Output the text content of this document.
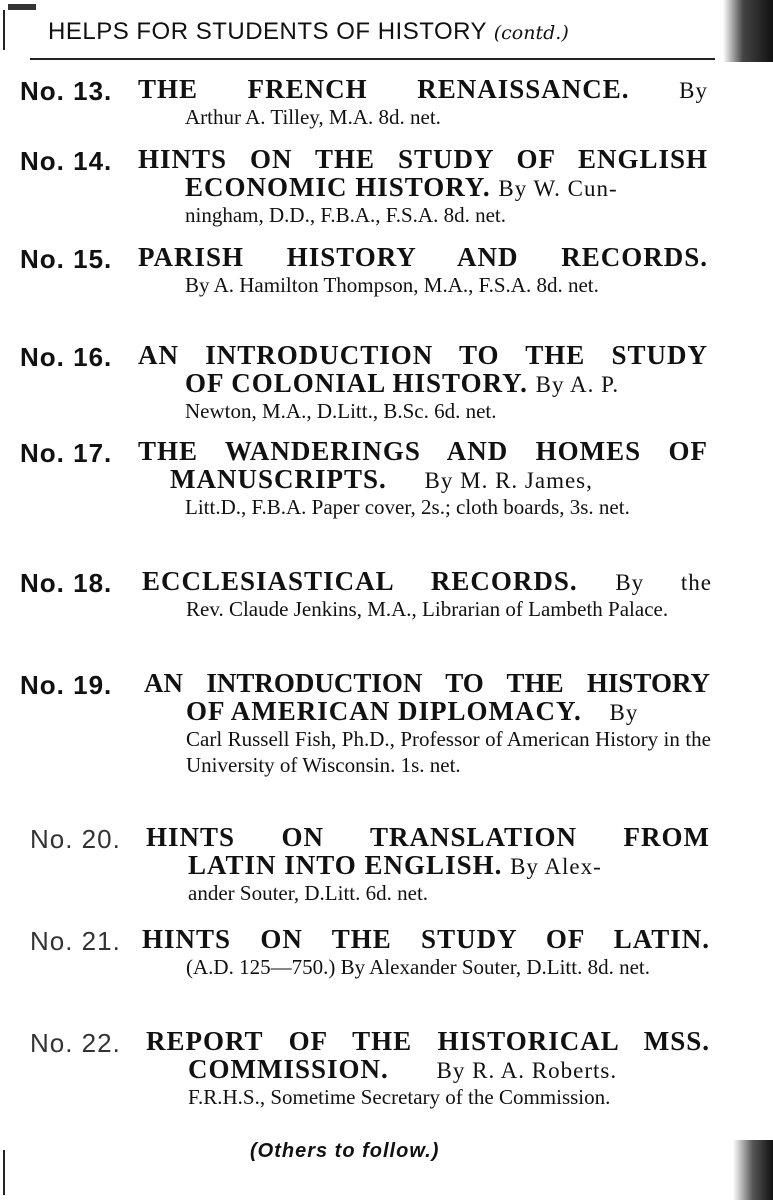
HELPS FOR STUDENTS OF HISTORY (contd.)
No. 13. THE FRENCH RENAISSANCE. By
Arthur A. Tilley, M.A. 8d. net.
No. 14. HINTS ON THE STUDY OF ENGLISH
ECONOMIC HISTORY. By W. Cun-
ningham, D.D., F.B.A., F.S.A. 8d. net.
No. 15. PARISH HISTORY AND RECORDS.
By A. Hamilton Thompson, M.A., F.S.A. 8d. net.
No. 16. AN INTRODUCTION TO THE STUDY
OF COLONIAL HISTORY. By A. P.
Newton, M.A., D.Litt., B.Sc. 6d. net.
No. 17. THE WANDERINGS AND HOMES OF
MANUSCRIPTS. By M. R. James,
Litt.D., F.B.A. Paper cover, 2s.; cloth boards, 3s. net.
No. 18. ECCLESIASTICAL RECORDS. By the
Rev. Claude Jenkins, M.A., Librarian of Lambeth Palace.
No. 19. AN INTRODUCTION TO THE HISTORY
OF AMERICAN DIPLOMACY. By
Carl Russell Fish, Ph.D., Professor of American History in the University of Wisconsin. 1s. net.
No. 20. HINTS ON TRANSLATION FROM
LATIN INTO ENGLISH. By Alex-
ander Souter, D.Litt. 6d. net.
No. 21. HINTS ON THE STUDY OF LATIN.
(A.D. 125—750.) By Alexander Souter, D.Litt. 8d. net.
No. 22. REPORT OF THE HISTORICAL MSS.
COMMISSION. By R. A. Roberts.
F.R.H.S., Sometime Secretary of the Commission.
(Others to follow.)
